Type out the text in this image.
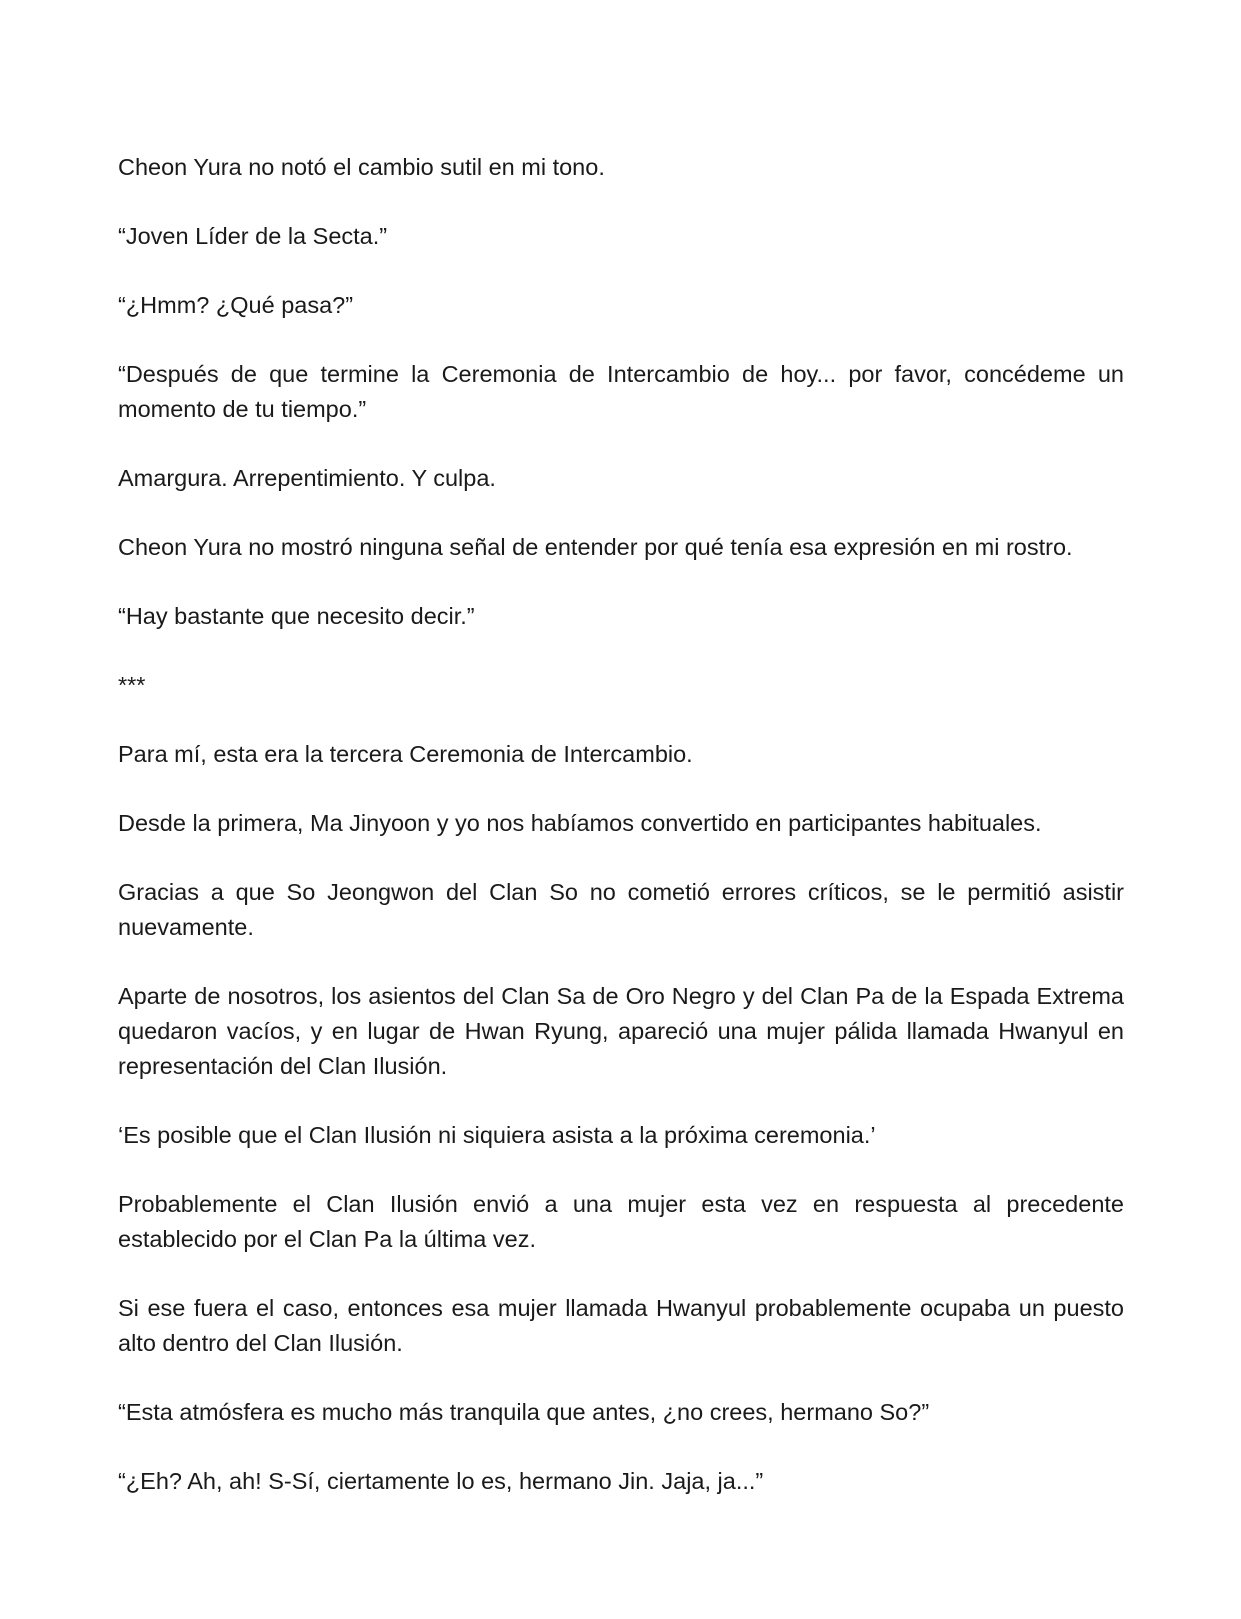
Cheon Yura no notó el cambio sutil en mi tono.

“Joven Líder de la Secta.”

“¿Hmm? ¿Qué pasa?”

“Después de que termine la Ceremonia de Intercambio de hoy... por favor, concédeme un momento de tu tiempo.”

Amargura. Arrepentimiento. Y culpa.

Cheon Yura no mostró ninguna señal de entender por qué tenía esa expresión en mi rostro.

“Hay bastante que necesito decir.”

***

Para mí, esta era la tercera Ceremonia de Intercambio.

Desde la primera, Ma Jinyoon y yo nos habíamos convertido en participantes habituales.

Gracias a que So Jeongwon del Clan So no cometió errores críticos, se le permitió asistir nuevamente.

Aparte de nosotros, los asientos del Clan Sa de Oro Negro y del Clan Pa de la Espada Extrema quedaron vacíos, y en lugar de Hwan Ryung, apareció una mujer pálida llamada Hwanyul en representación del Clan Ilusión.

‘Es posible que el Clan Ilusión ni siquiera asista a la próxima ceremonia.’

Probablemente el Clan Ilusión envió a una mujer esta vez en respuesta al precedente establecido por el Clan Pa la última vez.

Si ese fuera el caso, entonces esa mujer llamada Hwanyul probablemente ocupaba un puesto alto dentro del Clan Ilusión.

“Esta atmósfera es mucho más tranquila que antes, ¿no crees, hermano So?”

“¿Eh? Ah, ah! S-Sí, ciertamente lo es, hermano Jin. Jaja, ja...”
